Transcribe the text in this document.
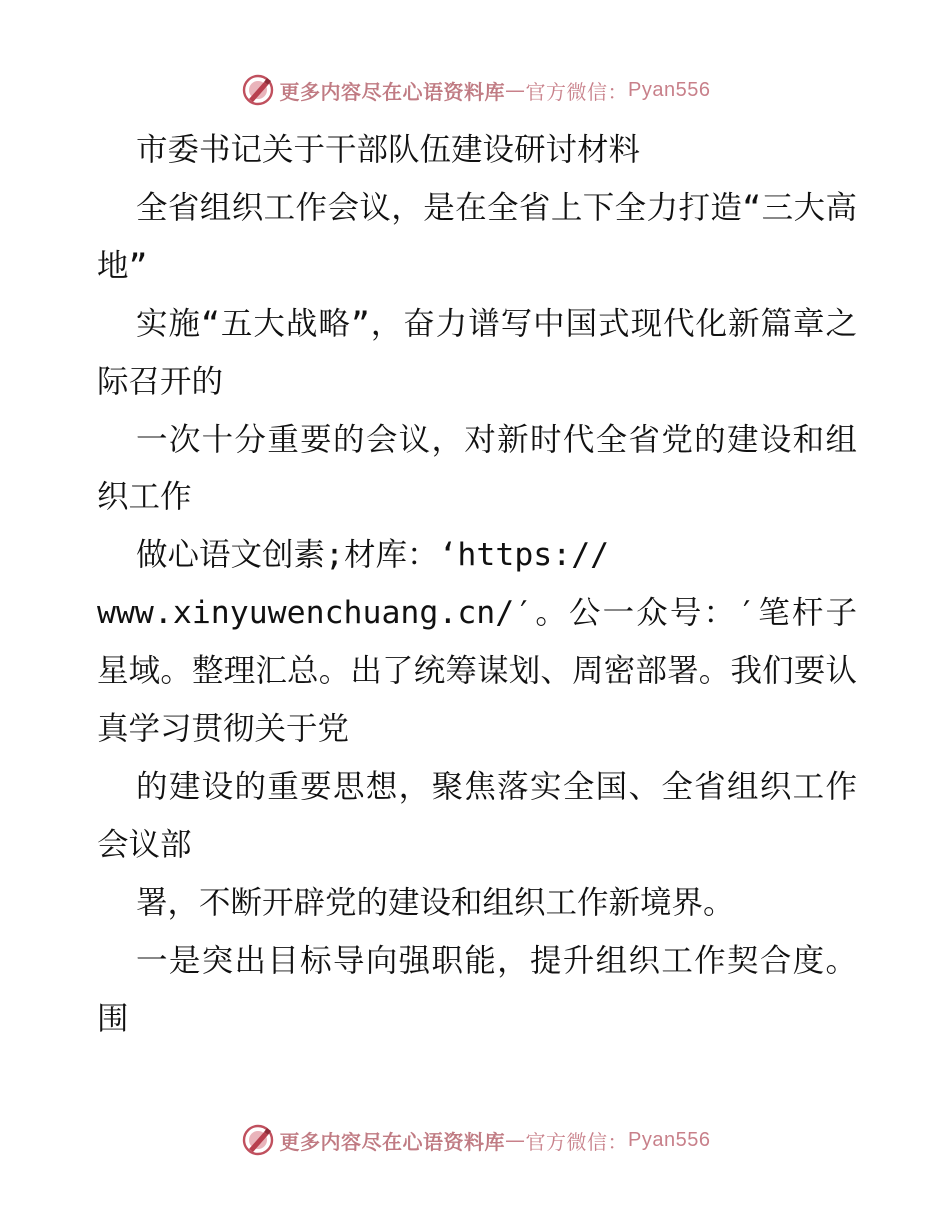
更多内容尽在心语资料库 — 官方微信： Pyan556

市委书记关于干部队伍建设研讨材料

全省组织工作会议，是在全省上下全力打造“三大高地”

实施“五大战略”，奋力谱写中国式现代化新篇章之际召开的

一次十分重要的会议，对新时代全省党的建设和组织工作

做心语文创素;材库：‘https://

www.xinyuwenchuang.cn/′。公一众号：′笔杆子星域。整理汇总。出了统筹谋划、周密部署。我们要认真学习贯彻关于党

的建设的重要思想，聚焦落实全国、全省组织工作会议部

署，不断开辟党的建设和组织工作新境界。

一是突出目标导向强职能，提升组织工作契合度。围

更多内容尽在心语资料库 — 官方微信： Pyan556
